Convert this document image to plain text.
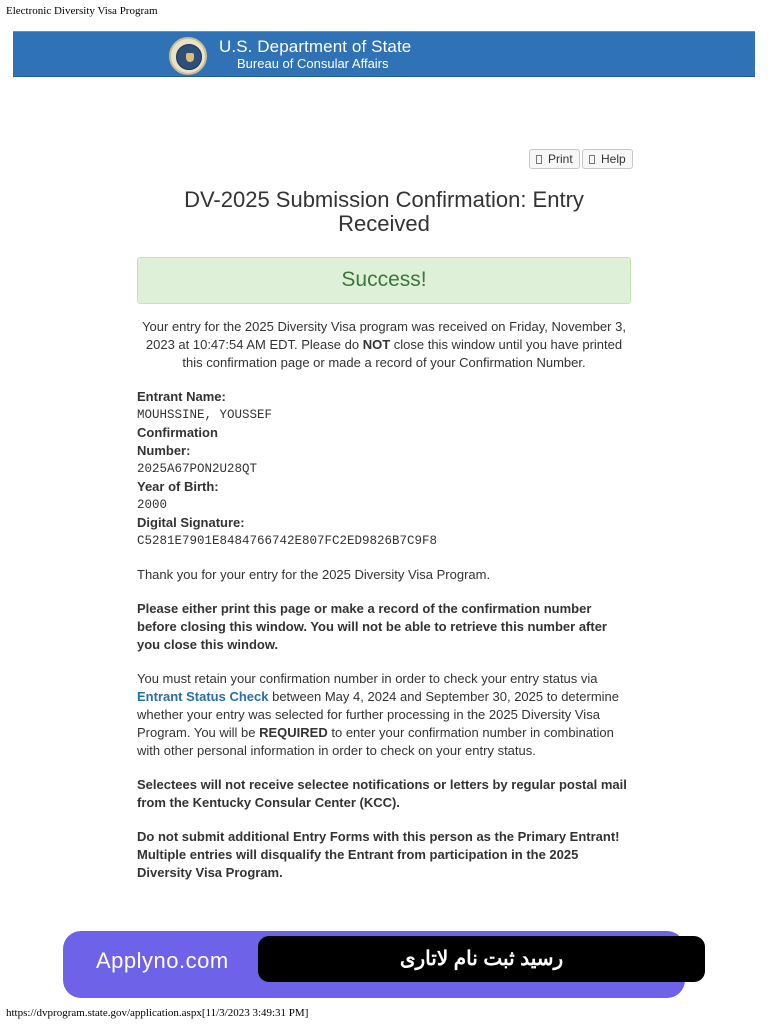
Electronic Diversity Visa Program
U.S. Department of State
Bureau of Consular Affairs
Print	Help
DV-2025 Submission Confirmation: Entry Received
Success!

Your entry for the 2025 Diversity Visa program was received on Friday, November 3, 2023 at 10:47:54 AM EDT. Please do NOT close this window until you have printed this confirmation page or made a record of your Confirmation Number.

Entrant Name:
MOUHSSINE, YOUSSEF
Confirmation Number:
2025A67PON2U28QT
Year of Birth:
2000
Digital Signature:
C5281E7901E8484766742E807FC2ED9826B7C9F8

Thank you for your entry for the 2025 Diversity Visa Program.

Please either print this page or make a record of the confirmation number before closing this window. You will not be able to retrieve this number after you close this window.

You must retain your confirmation number in order to check your entry status via Entrant Status Check between May 4, 2024 and September 30, 2025 to determine whether your entry was selected for further processing in the 2025 Diversity Visa Program. You will be REQUIRED to enter your confirmation number in combination with other personal information in order to check on your entry status.

Selectees will not receive selectee notifications or letters by regular postal mail from the Kentucky Consular Center (KCC).

Do not submit additional Entry Forms with this person as the Primary Entrant! Multiple entries will disqualify the Entrant from participation in the 2025 Diversity Visa Program.

Applyno.com	رسید ثبت نام لاتاری
https://dvprogram.state.gov/application.aspx[11/3/2023 3:49:31 PM]
